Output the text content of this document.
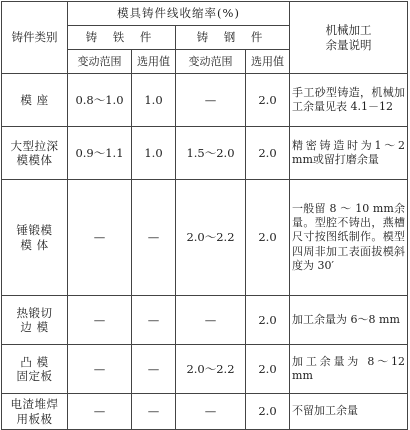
铸件类别	模具铸件线收缩率(%)				机械加工
余量说明
	铸 铁 件		铸 钢 件		
	变动范围	选用值	变动范围	选用值	
模 座	0.8～1.0	1.0	—	2.0	手工砂型铸造，机械加工余量见表 4.1－12
大型拉深
模模体	0.9～1.1	1.0	1.5～2.0	2.0	精密铸造时为1～2 mm或留打磨余量
锤锻模
模 体	—	—	2.0～2.2	2.0	一般留 8 ～ 10 mm余量。型腔不铸出，燕槽尺寸按图纸制作。模型四周非加工表面拔模斜度为 30′
热锻切
边 模	—	—	—	2.0	加工余量为 6～8 mm
凸 模
固定板	—	—	2.0～2.2	2.0	加工余量为 8～12 mm
电渣堆焊
用板极	—	—	—	2.0	不留加工余量
